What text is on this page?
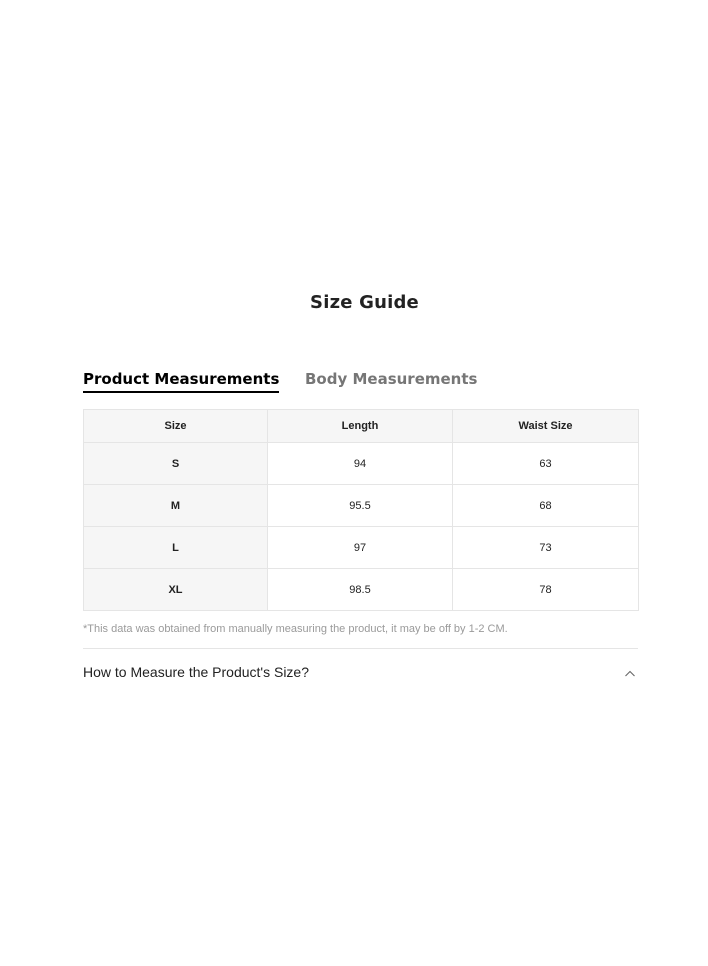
Size Guide
Product Measurements Body Measurements
Size	Length	Waist Size
S	94	63
M	95.5	68
L	97	73
XL	98.5	78
*This data was obtained from manually measuring the product, it may be off by 1-2 CM.
How to Measure the Product's Size?
